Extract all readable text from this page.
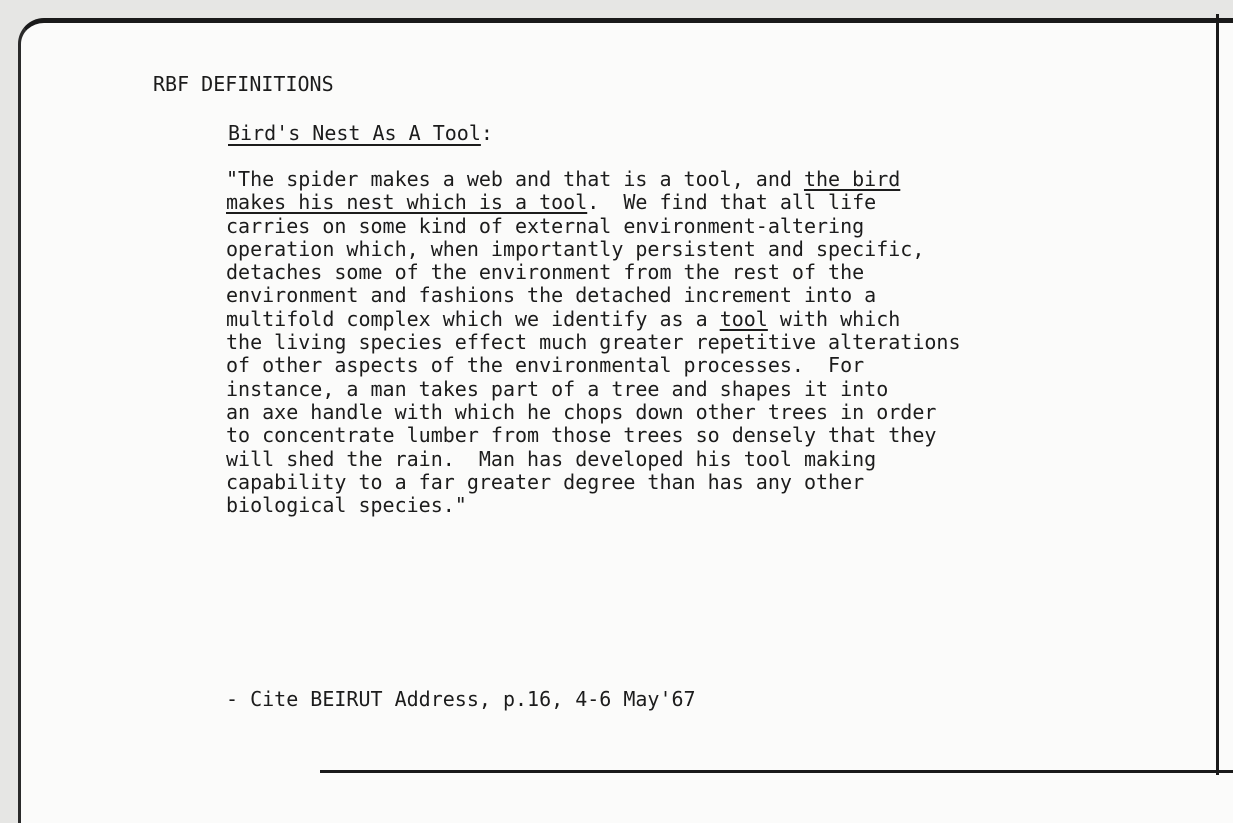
RBF DEFINITIONS
Bird's Nest As A Tool:
"The spider makes a web and that is a tool, and the bird
makes his nest which is a tool.  We find that all life
carries on some kind of external environment-altering
operation which, when importantly persistent and specific,
detaches some of the environment from the rest of the
environment and fashions the detached increment into a
multifold complex which we identify as a tool with which
the living species effect much greater repetitive alterations
of other aspects of the environmental processes.  For
instance, a man takes part of a tree and shapes it into
an axe handle with which he chops down other trees in order
to concentrate lumber from those trees so densely that they
will shed the rain.  Man has developed his tool making
capability to a far greater degree than has any other
biological species."
- Cite BEIRUT Address, p.16, 4-6 May'67
